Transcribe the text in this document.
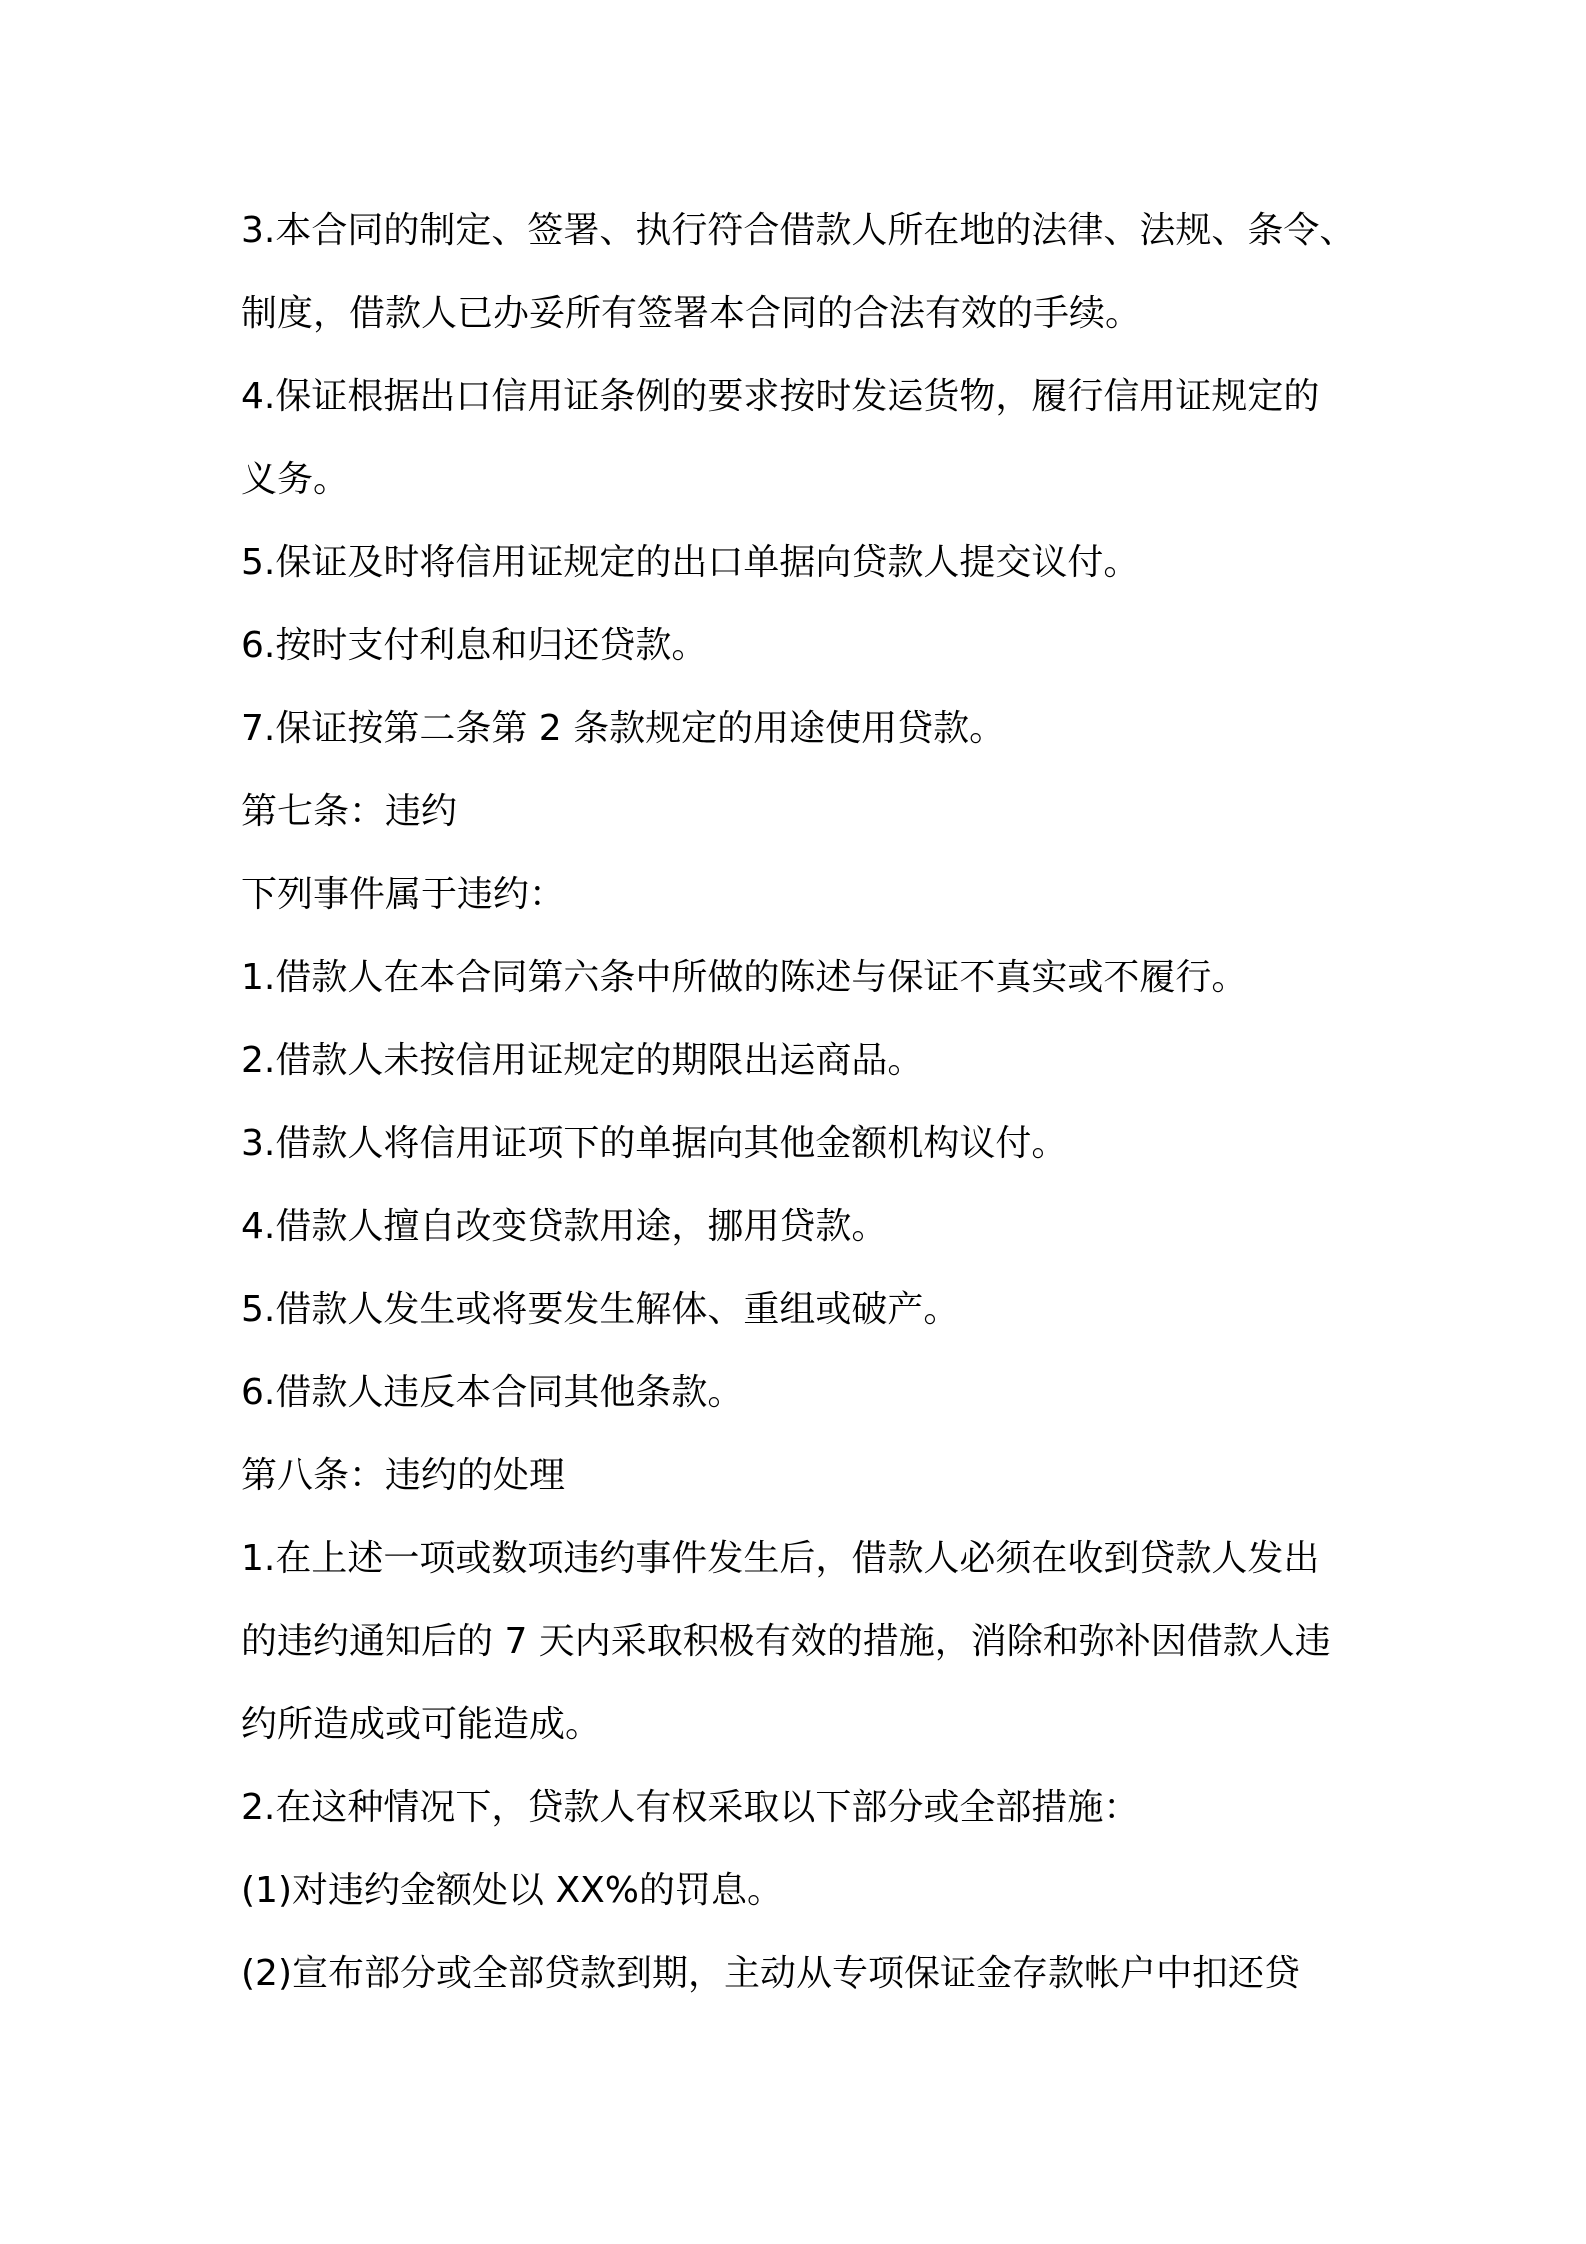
3.本合同的制定、签署、执行符合借款人所在地的法律、法规、条令、
制度，借款人已办妥所有签署本合同的合法有效的手续。

4.保证根据出口信用证条例的要求按时发运货物，履行信用证规定的
义务。

5.保证及时将信用证规定的出口单据向贷款人提交议付。

6.按时支付利息和归还贷款。

7.保证按第二条第 2 条款规定的用途使用贷款。

第七条：违约

下列事件属于违约：

1.借款人在本合同第六条中所做的陈述与保证不真实或不履行。

2.借款人未按信用证规定的期限出运商品。

3.借款人将信用证项下的单据向其他金额机构议付。

4.借款人擅自改变贷款用途，挪用贷款。

5.借款人发生或将要发生解体、重组或破产。

6.借款人违反本合同其他条款。

第八条：违约的处理

1.在上述一项或数项违约事件发生后，借款人必须在收到贷款人发出
的违约通知后的 7 天内采取积极有效的措施，消除和弥补因借款人违
约所造成或可能造成。

2.在这种情况下，贷款人有权采取以下部分或全部措施：

(1)对违约金额处以 XX%的罚息。

(2)宣布部分或全部贷款到期，主动从专项保证金存款帐户中扣还贷
